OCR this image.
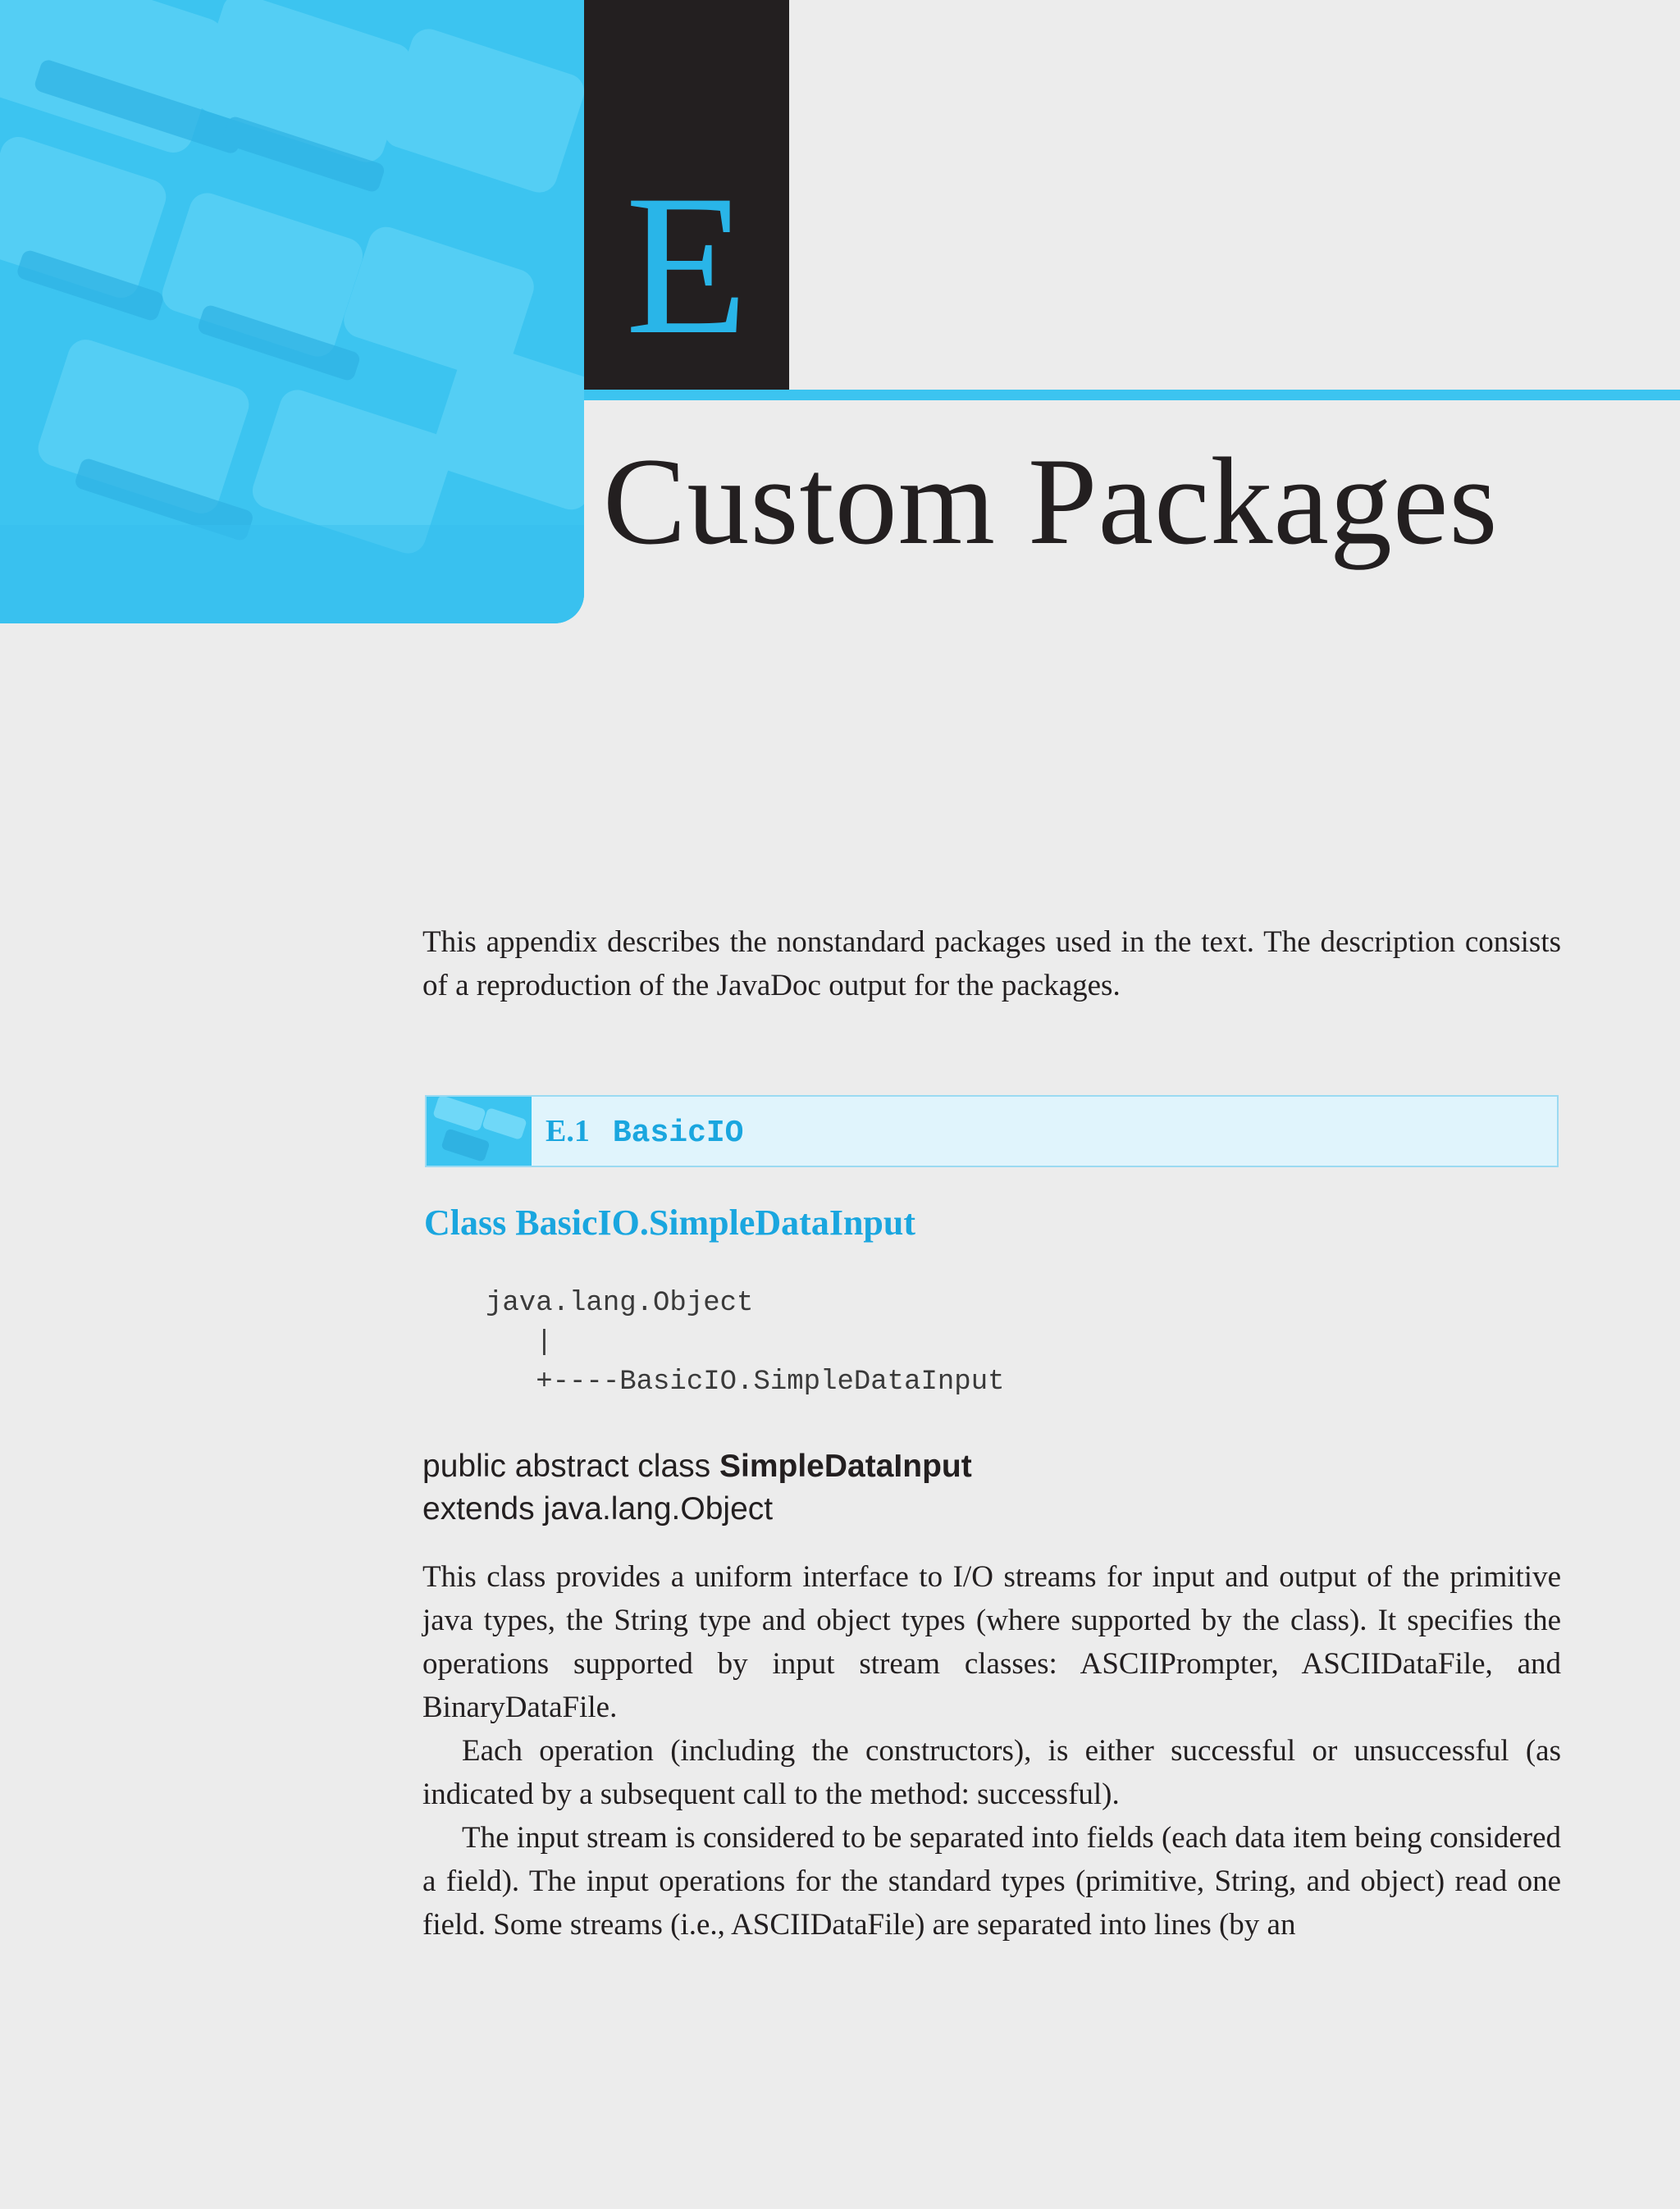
E
Custom Packages

This appendix describes the nonstandard packages used in the text. The description consists of a reproduction of the JavaDoc output for the packages.

E.1 BasicIO
Class BasicIO.SimpleDataInput
java.lang.Object
|
+----BasicIO.SimpleDataInput
public abstract class SimpleDataInput
extends java.lang.Object

This class provides a uniform interface to I/O streams for input and output of the primitive java types, the String type and object types (where supported by the class). It specifies the operations supported by input stream classes: ASCIIPrompter, ASCIIDataFile, and BinaryDataFile.

Each operation (including the constructors), is either successful or unsuccessful (as indicated by a subsequent call to the method: successful).

The input stream is considered to be separated into fields (each data item being considered a field). The input operations for the standard types (primitive, String, and object) read one field. Some streams (i.e., ASCIIDataFile) are separated into lines (by an
